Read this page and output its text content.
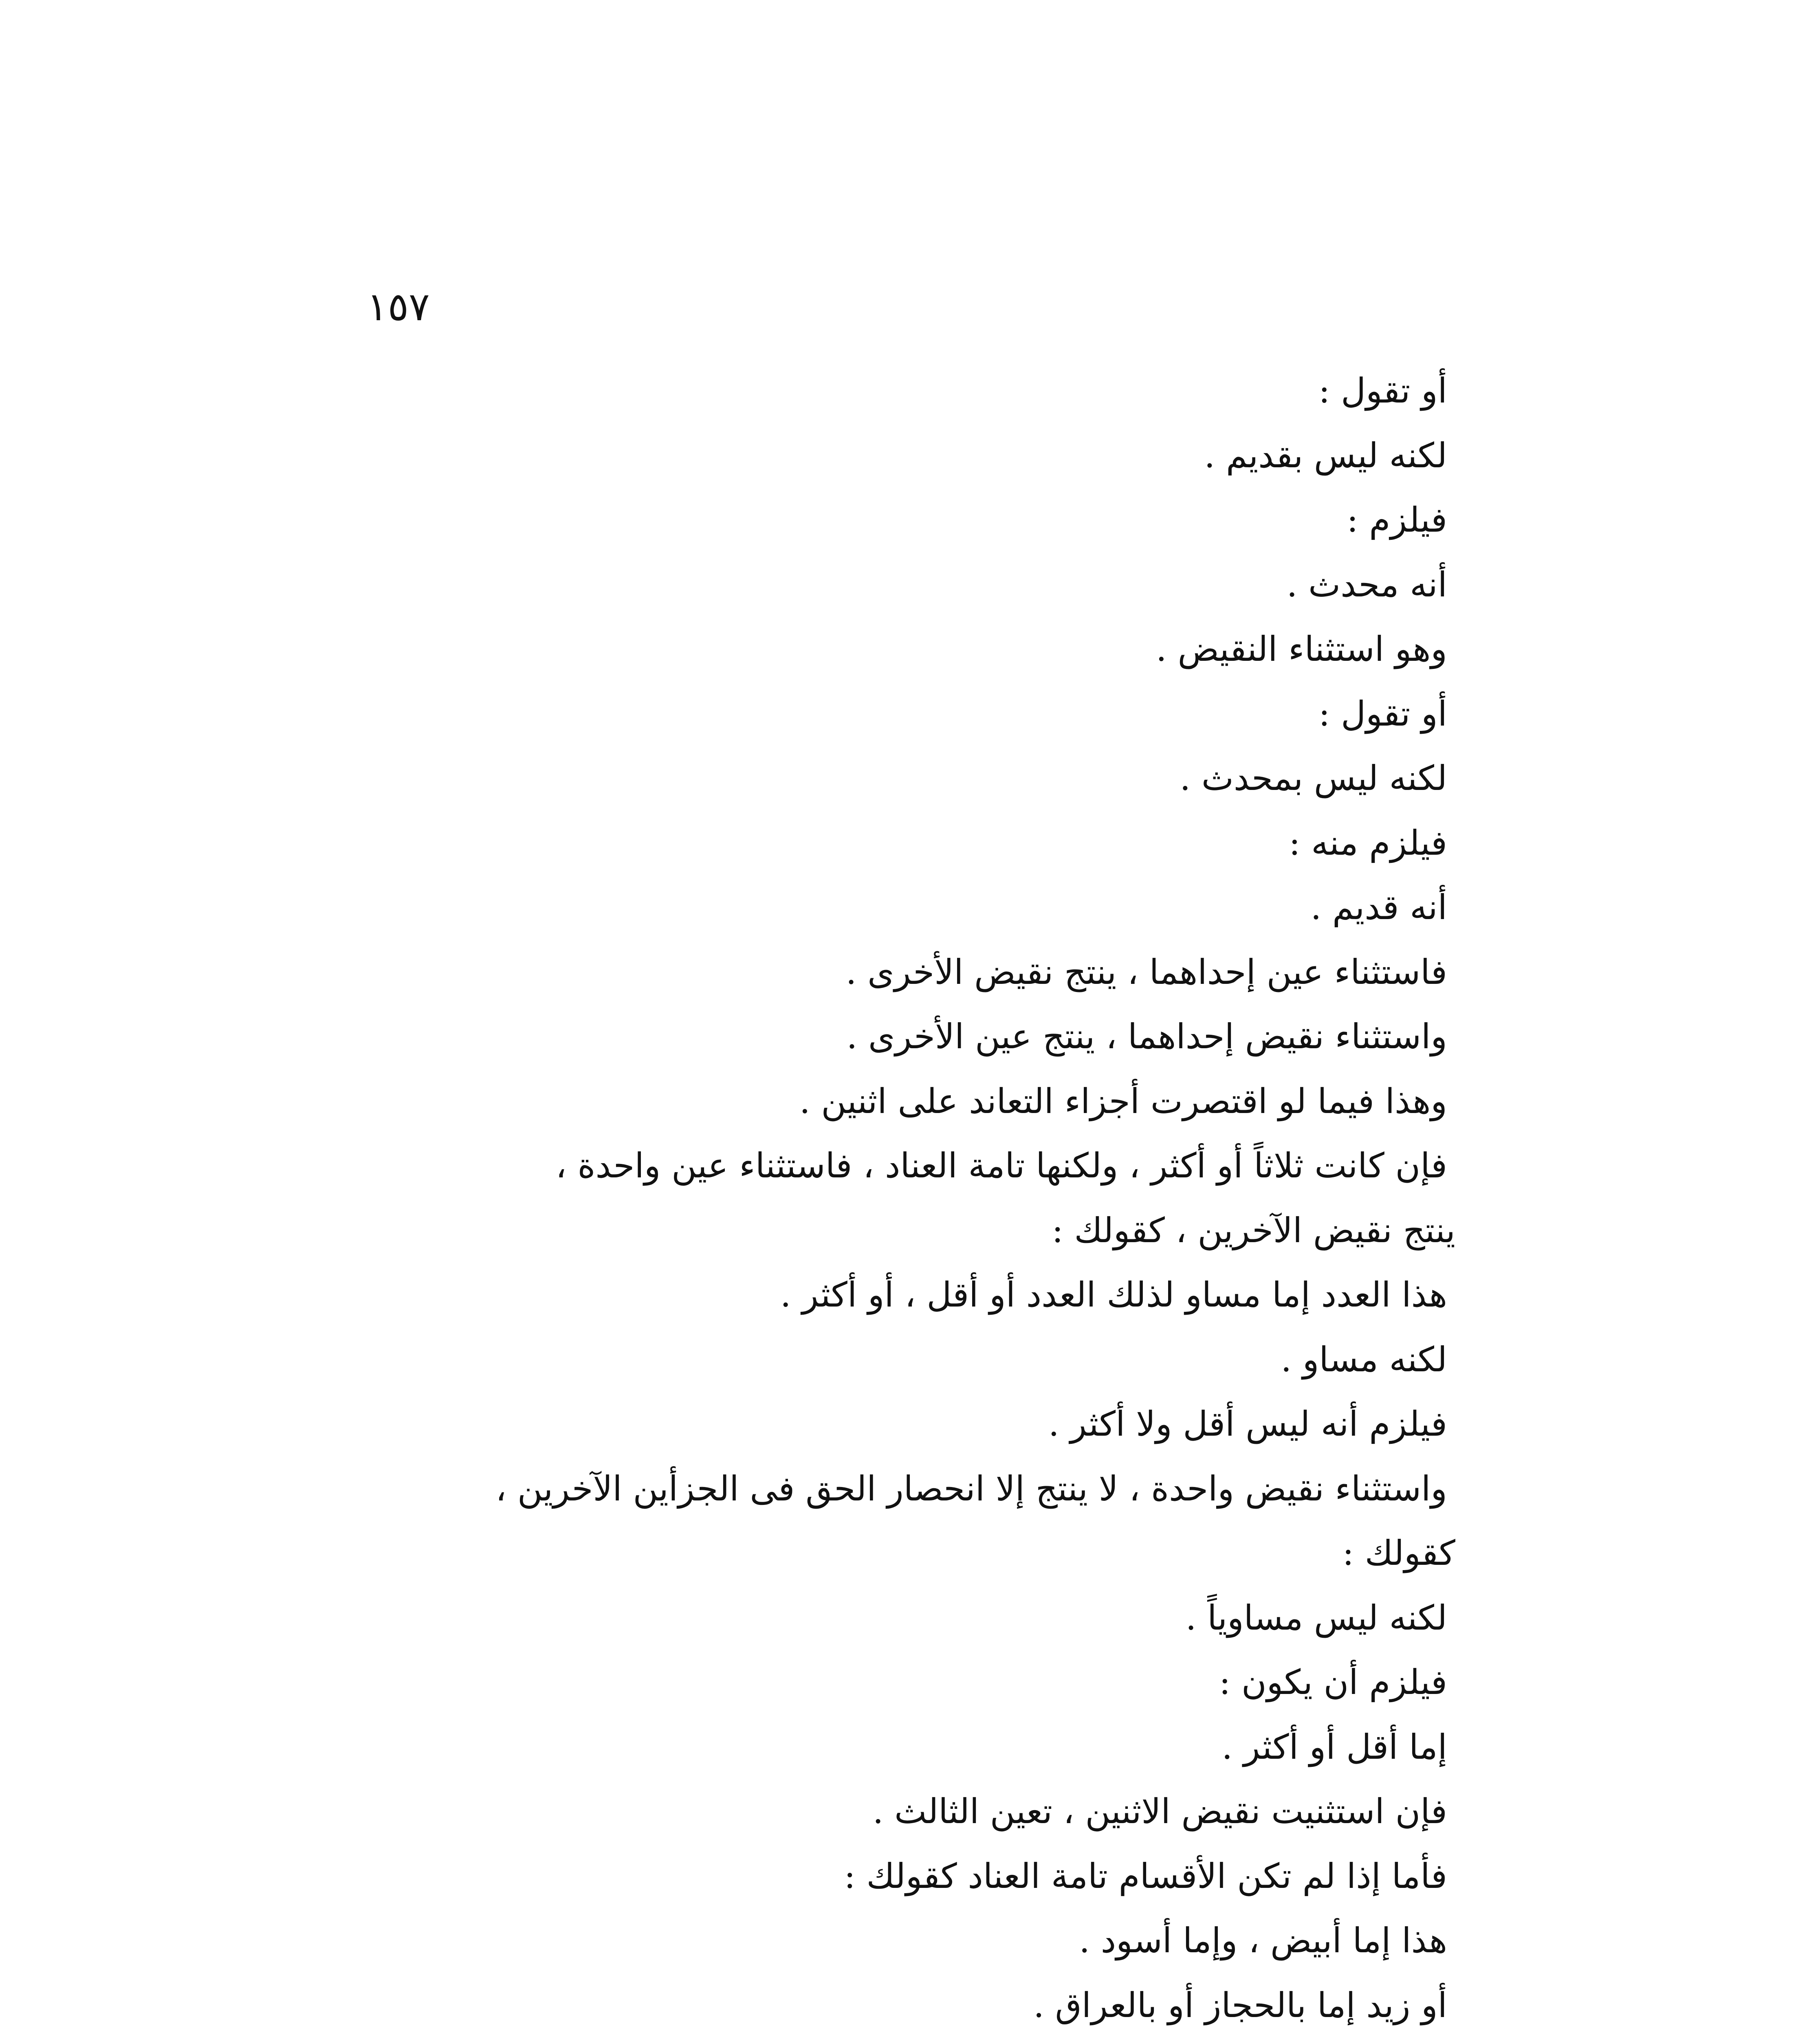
١٥٧
أو تقول :
لكنه ليس بقديم .
فيلزم :
أنه محدث .
وهو استثناء النقيض .
أو تقول :
لكنه ليس بمحدث .
فيلزم منه :
أنه قديم .
فاستثناء عين إحداهما ، ينتج نقيض الأخرى .
واستثناء نقيض إحداهما ، ينتج عين الأخرى .
وهذا فيما لو اقتصرت أجزاء التعاند على اثنين .
فإن كانت ثلاثاً أو أكثر ، ولكنها تامة العناد ، فاستثناء عين واحدة ،
ينتج نقيض الآخرين ، كقولك :
هذا العدد إما مساو لذلك العدد أو أقل ، أو أكثر .
لكنه مساو .
فيلزم أنه ليس أقل ولا أكثر .
واستثناء نقيض واحدة ، لا ينتج إلا انحصار الحق فى الجزأين الآخرين ،
كقولك :
لكنه ليس مساوياً .
فيلزم أن يكون :
إما أقل أو أكثر .
فإن استثنيت نقيض الاثنين ، تعين الثالث .
فأما إذا لم تكن الأقسام تامة العناد كقولك :
هذا إما أبيض ، وإما أسود .
أو زيد إما بالحجاز أو بالعراق .
